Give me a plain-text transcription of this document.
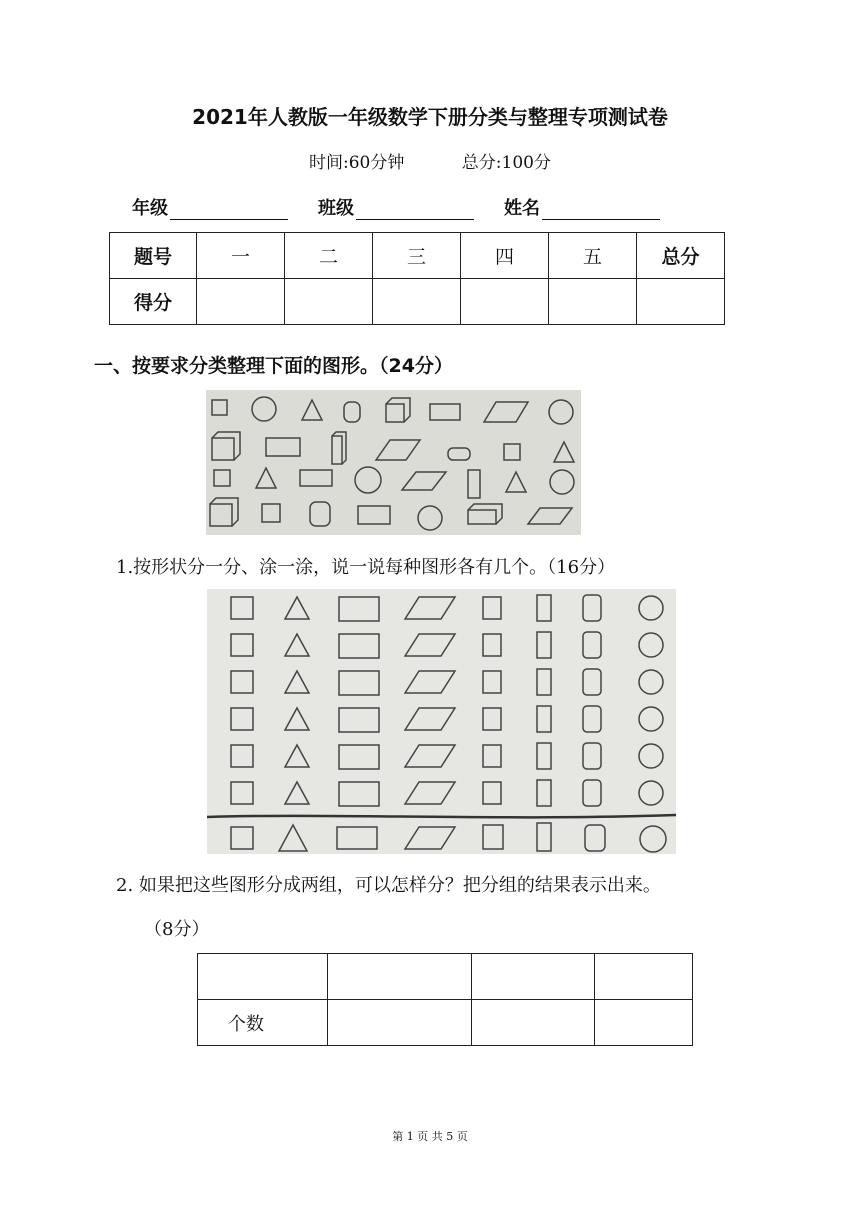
2021年人教版一年级数学下册分类与整理专项测试卷
时间:60分钟	总分:100分
年级	班级	姓名
题号	一	二	三	四	五	总分
得分						
一、按要求分类整理下面的图形。（24分）
1.按形状分一分、涂一涂，说一说每种图形各有几个。（16分）
2. 如果把这些图形分成两组，可以怎样分？把分组的结果表示出来。
（8分）

个数			
第 1 页 共 5 页
